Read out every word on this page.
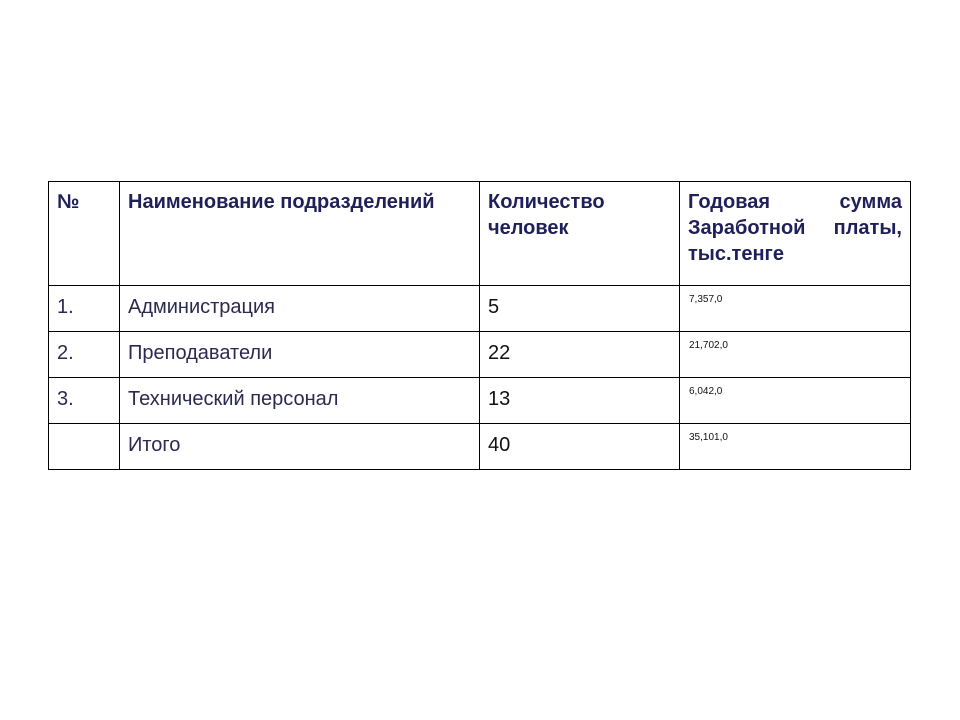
№	Наименование подразделений	Количество человек	Годовая сумма Заработной платы, тыс.тенге
1.	Администрация	5	7,357,0
2.	Преподаватели	22	21,702,0
3.	Технический персонал	13	6,042,0
	Итого	40	35,101,0
